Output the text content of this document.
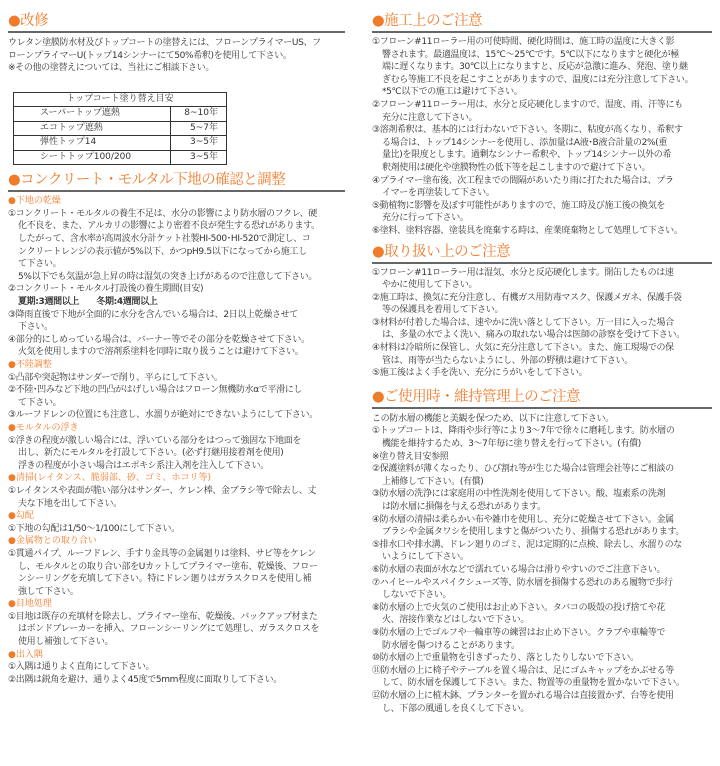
●改修

ウレタン塗膜防水材及びトップコートの塗替えには、フローンプライマーUS、フ

ローンプライマーU(トップ14シンナーにて50%希釈)を使用して下さい。

※その他の塗替えについては、当社にご相談下さい。

トップコート塗り替え目安	
スーパートップ遮熱	8~10年
エコトップ遮熱	5~7年
弾性トップ14	3~5年
シートトップ100/200	3~5年
●コンクリート・モルタル下地の確認と調整

●下地の乾燥

①コンクリート・モルタルの養生不足は、水分の影響により防水層のフクレ、硬
化不良を、また、アルカリの影響により密着不良が発生する恐れがあります。
したがって、含水率が高周波水分計ケット社製HI-500･HI-520で測定し、コ
ンクリートレンジの表示値が5%以下、かつpH9.5以下になってから施工し
て下さい。
5%以下でも気温が急上昇の時は湿気の突き上げがあるので注意して下さい。
②コンクリート・モルタル打設後の養生期間(目安)
夏期:3週間以上　　冬期:4週間以上
③降雨直後で下地が全面的に水分を含んでいる場合は、2日以上乾燥させて
下さい。
④部分的にしめっている場合は、バーナー等でその部分を乾燥させて下さい。
火気を使用しますので溶剤系塗料を同時に取り扱うことは避けて下さい。

●不陸調整

①凸部や突起物はサンダーで削り、平らにして下さい。
②不陸･凹みなど下地の凹凸がはげしい場合はフローン無機防水αで平滑にし
て下さい。
③ルーフドレンの位置にも注意し、水溜りが絶対にできないようにして下さい。

●モルタルの浮き

①浮きの程度が激しい場合には、浮いている部分をはつって強固な下地面を
出し、新たにモルタルを打設して下さい。(必ず打継用接着剤を使用)
浮きの程度が小さい場合はエポキシ系注入剤を注入して下さい。

●清掃(レイタンス、脆弱部、砂、ゴミ、ホコリ等)

①レイタンスや表面が脆い部分はサンダー、ケレン棒、金ブラシ等で除去し、丈
夫な下地を出して下さい。

●勾配

①下地の勾配は1/50～1/100にして下さい。

●金属物との取り合い

①貫通パイプ、ルーフドレン、手すり金具等の金属廻りは塗料、サビ等をケレン
し、モルタルとの取り合い部をUカットしてプライマー塗布、乾燥後、フロー
ンシーリングを充填して下さい。特にドレン廻りはガラスクロスを使用し補
強して下さい。

●目地処理

①目地は既存の充填材を除去し、プライマー塗布、乾燥後、バックアップ材また
はボンドブレーカーを挿入、フローンシーリングにて処理し、ガラスクロスを
使用し補強して下さい。

●出入隅

①入隅は通りよく直角にして下さい。
②出隅は鋭角を避け、通りよく45度で5mm程度に面取りして下さい。
●施工上のご注意
①フローン#11ローラー用の可使時間、硬化時間は、施工時の温度に大きく影
響されます。最適温度は、15℃～25℃です。5℃以下になりますと硬化が極
端に遅くなります。30℃以上になりますと、反応が急激に進み、発泡、塗り継
ぎむら等施工不良を起こすことがありますので、温度には充分注意して下さい。
*5℃以下での施工は避けて下さい。
②フローン#11ローラー用は、水分と反応硬化しますので、湿度、雨、汗等にも
充分に注意して下さい。
③溶剤希釈は、基本的には行わないで下さい。冬期に、粘度が高くなり、希釈す
る場合は、トップ14シンナーを使用し、添加量はA液･B液合計量の2%(重
量比)を限度とします。過剰なシンナー希釈や、トップ14シンナー以外の希
釈剤使用は硬化や塗膜物性の低下等を起こしますので避けて下さい。
④プライマー塗布後、次工程までの間隔があいたり雨に打たれた場合は、プラ
イマーを再塗装して下さい。
⑤動植物に影響を及ぼす可能性がありますので、施工時及び施工後の換気を
充分に行って下さい。
⑥塗料、塗料容器、塗装具を廃棄する時は、産業廃棄物として処理して下さい。
●取り扱い上のご注意
①フローン#11ローラー用は湿気、水分と反応硬化します。開缶したものは速
やかに使用して下さい。
②施工時は、換気に充分注意し、有機ガス用防毒マスク、保護メガネ、保護手袋
等の保護具を着用して下さい。
③材料が付着した場合は、速やかに洗い落として下さい。万一目に入った場合
は、多量の水でよく洗い、痛みの取れない場合は医師の診察を受けて下さい。
④材料は冷暗所に保管し、火気に充分注意して下さい。また、施工現場での保
管は、雨等が当たらないようにし、外部の野積は避けて下さい。
⑤施工後はよく手を洗い、充分にうがいをして下さい。
●ご使用時・維持管理上のご注意
この防水層の機能と美観を保つため、以下に注意して下さい。
①トップコートは、降雨や歩行等により3～7年で徐々に磨耗します。防水層の
機能を維持するため、3～7年毎に塗り替えを行って下さい。(有償)
※塗り替え目安参照
②保護塗料が薄くなったり、ひび割れ等が生じた場合は管理会社等にご相談の
上補修して下さい。(有償)
③防水層の洗浄には家庭用の中性洗剤を使用して下さい。酸、塩素系の洗剤
は防水層に損傷を与える恐れがあります。
④防水層の清掃は柔らかい布や雑巾を使用し、充分に乾燥させて下さい。金属
ブラシや金属タワシを使用しますと傷がついたり、損傷する恐れがあります。
⑤排水口や排水溝、ドレン廻りのゴミ、泥は定期的に点検、除去し、水溜りのな
いようにして下さい。
⑥防水層の表面が水などで濡れている場合は滑りやすいのでご注意下さい。
⑦ハイヒールやスパイクシューズ等、防水層を損傷する恐れのある履物で歩行
しないで下さい。
⑧防水層の上で火気のご使用はお止め下さい。タバコの吸殻の投げ捨てや花
火、溶接作業などはしないで下さい。
⑨防水層の上でゴルフや一輪車等の練習はお止め下さい。クラブや車輪等で
防水層を傷つけることがあります。
⑩防水層の上で重量物を引きずったり、落としたりしないで下さい。
⑪防水層の上に椅子やテーブルを置く場合は、足にゴムキャップをかぶせる等
して、防水層を保護して下さい。また、物置等の重量物を置かないで下さい。
⑫防水層の上に植木鉢、プランターを置かれる場合は直接置かず、台等を使用
し、下部の風通しを良くして下さい。
